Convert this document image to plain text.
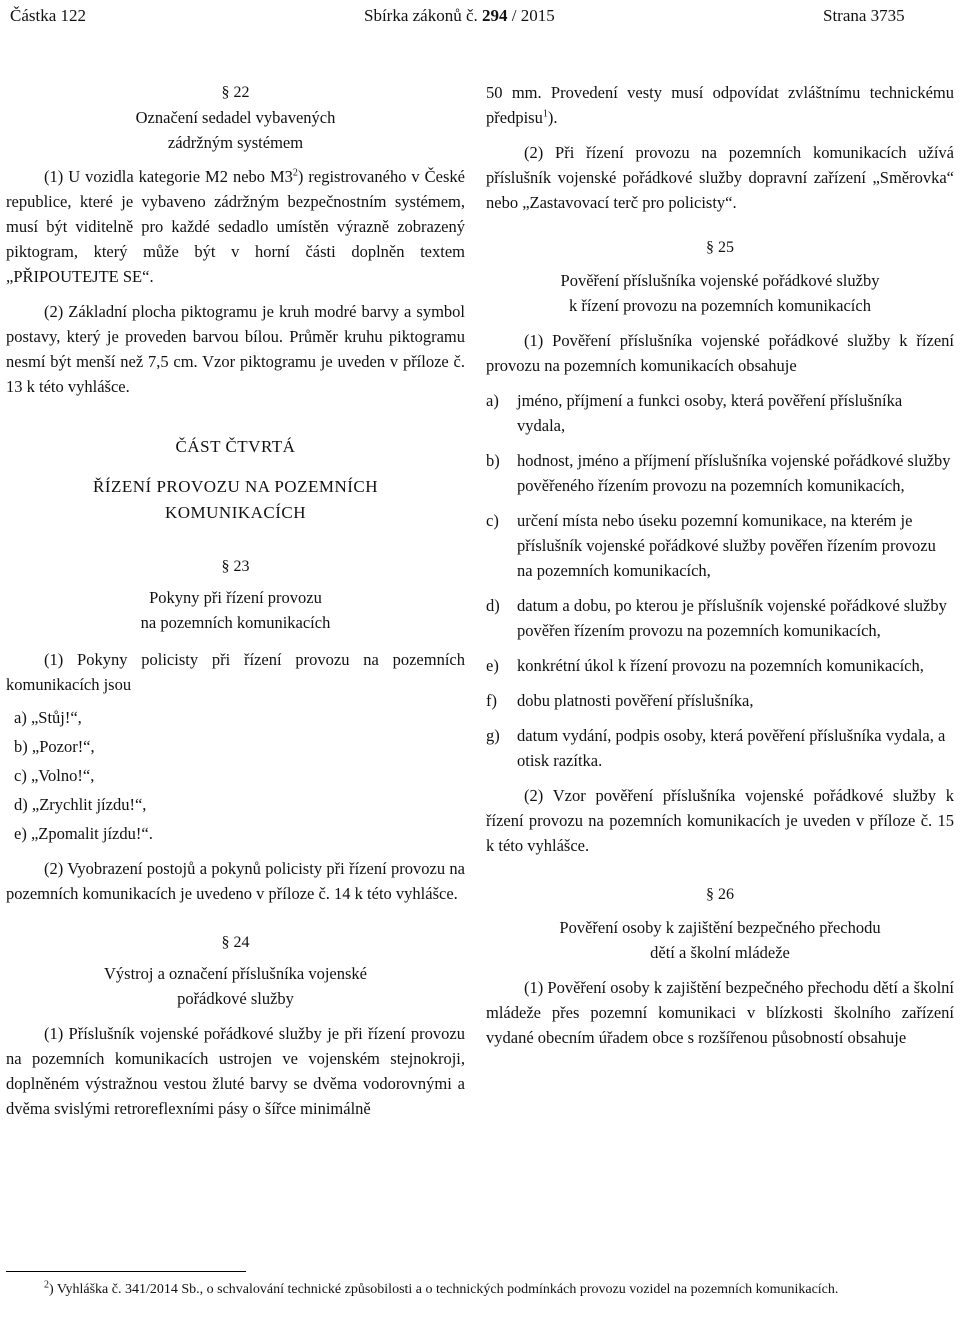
Částka 122	Sbírka zákonů č. 294 / 2015	Strana 3735

§ 22

Označení sedadel vybavených

zádržným systémem

(1) U vozidla kategorie M2 nebo $M3^2$) registrovaného v České republice, které je vybaveno zádržným bezpečnostním systémem, musí být viditelně pro každé sedadlo umístěn výrazně zobrazený piktogram, který může být v horní části doplněn textem „PŘIPOUTEJTE SE“.

(2) Základní plocha piktogramu je kruh modré barvy a symbol postavy, který je proveden barvou bílou. Průměr kruhu piktogramu nesmí být menší než 7,5 cm. Vzor piktogramu je uveden v příloze č. 13 k této vyhlášce.

ČÁST ČTVRTÁ

ŘÍZENÍ PROVOZU NA POZEMNÍCH

KOMUNIKACÍCH

§ 23

Pokyny při řízení provozu

na pozemních komunikacích

(1) Pokyny policisty při řízení provozu na pozemních komunikacích jsou

a) „Stůj!“,

b) „Pozor!“,

c) „Volno!“,

d) „Zrychlit jízdu!“,

e) „Zpomalit jízdu!“.

(2) Vyobrazení postojů a pokynů policisty při řízení provozu na pozemních komunikacích je uvedeno v příloze č. 14 k této vyhlášce.

§ 24

Výstroj a označení příslušníka vojenské

pořádkové služby

(1) Příslušník vojenské pořádkové služby je při řízení provozu na pozemních komunikacích ustrojen ve vojenském stejnokroji, doplněném výstražnou vestou žluté barvy se dvěma vodorovnými a dvěma svislými retroreflexními pásy o šířce minimálně

50 mm. Provedení vesty musí odpovídat zvláštnímu technickému předpisu$^1$).

(2) Při řízení provozu na pozemních komunikacích užívá příslušník vojenské pořádkové služby dopravní zařízení „Směrovka“ nebo „Zastavovací terč pro policisty“.

§ 25

Pověření příslušníka vojenské pořádkové služby

k řízení provozu na pozemních komunikacích

(1) Pověření příslušníka vojenské pořádkové služby k řízení provozu na pozemních komunikacích obsahuje

a)	jméno, příjmení a funkci osoby, která pověření příslušníka vydala,
b)	hodnost, jméno a příjmení příslušníka vojenské pořádkové služby pověřeného řízením provozu na pozemních komunikacích,
c)	určení místa nebo úseku pozemní komunikace, na kterém je příslušník vojenské pořádkové služby pověřen řízením provozu na pozemních komunikacích,
d)	datum a dobu, po kterou je příslušník vojenské pořádkové služby pověřen řízením provozu na pozemních komunikacích,
e)	konkrétní úkol k řízení provozu na pozemních komunikacích,
f)	dobu platnosti pověření příslušníka,
g)	datum vydání, podpis osoby, která pověření příslušníka vydala, a otisk razítka.

(2) Vzor pověření příslušníka vojenské pořádkové služby k řízení provozu na pozemních komunikacích je uveden v příloze č. 15 k této vyhlášce.

§ 26

Pověření osoby k zajištění bezpečného přechodu

dětí a školní mládeže

(1) Pověření osoby k zajištění bezpečného přechodu dětí a školní mládeže přes pozemní komunikaci v blízkosti školního zařízení vydané obecním úřadem obce s rozšířenou působností obsahuje

$^2$) Vyhláška č. 341/2014 Sb., o schvalování technické způsobilosti a o technických podmínkách provozu vozidel na pozemních komunikacích.
